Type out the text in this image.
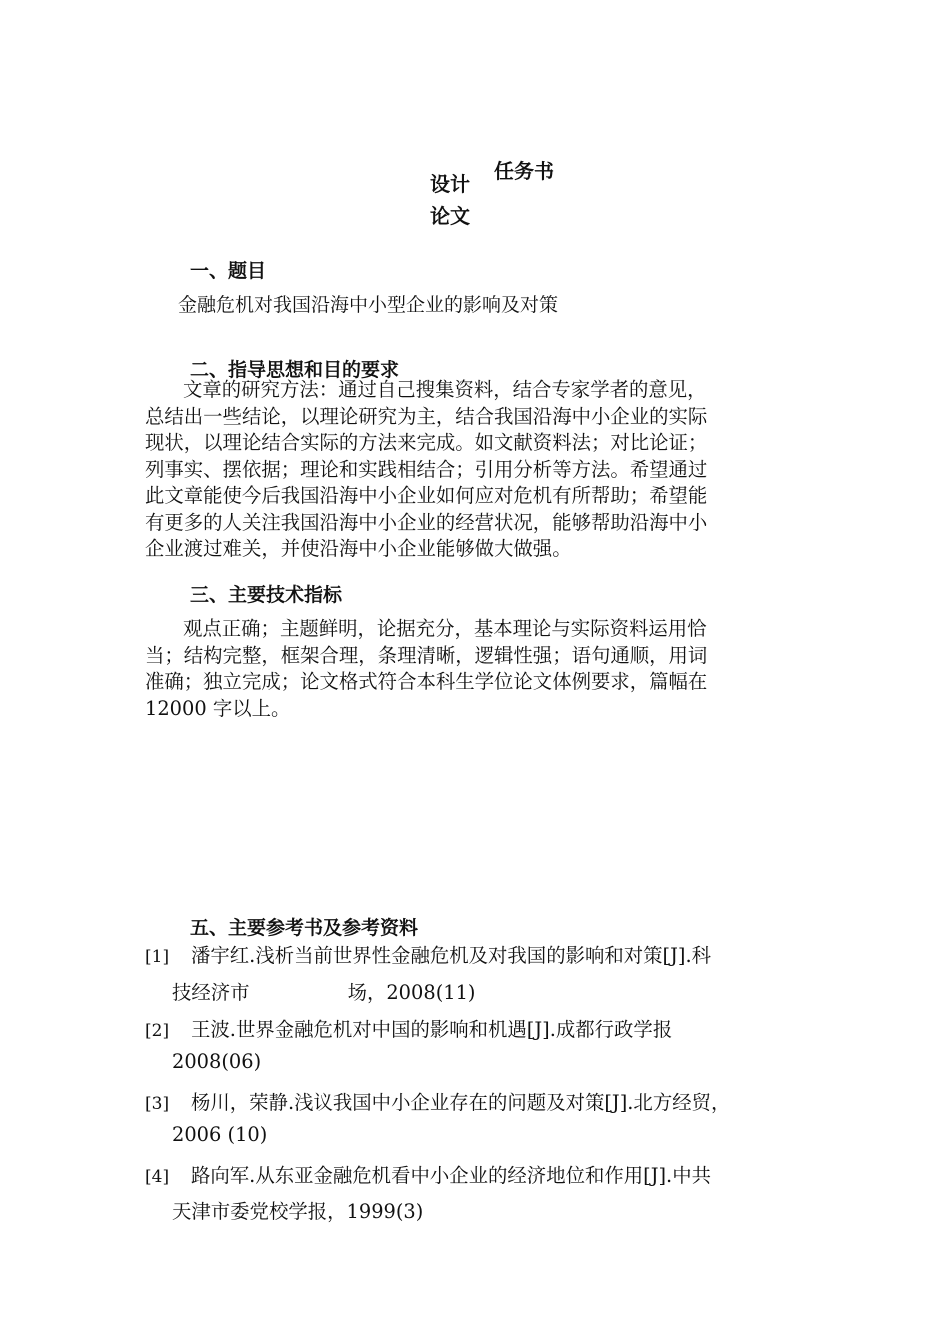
任务书
设计
论文
一、题目
金融危机对我国沿海中小型企业的影响及对策
二、指导思想和目的要求
文章的研究方法：通过自己搜集资料，结合专家学者的意见，
总结出一些结论，以理论研究为主，结合我国沿海中小企业的实际
现状，以理论结合实际的方法来完成。如文献资料法；对比论证；
列事实、摆依据；理论和实践相结合；引用分析等方法。希望通过
此文章能使今后我国沿海中小企业如何应对危机有所帮助；希望能
有更多的人关注我国沿海中小企业的经营状况，能够帮助沿海中小
企业渡过难关，并使沿海中小企业能够做大做强。
三、主要技术指标
观点正确；主题鲜明，论据充分，基本理论与实际资料运用恰
当；结构完整，框架合理，条理清晰，逻辑性强；语句通顺，用词
准确；独立完成；论文格式符合本科生学位论文体例要求，篇幅在
12000 字以上。
五、主要参考书及参考资料
[1] 潘宇红.浅析当前世界性金融危机及对我国的影响和对策[J].科
技经济市	场，2008(11)
[2] 王波.世界金融危机对中国的影响和机遇[J].成都行政学报
2008(06)
[3] 杨川，荣静.浅议我国中小企业存在的问题及对策[J].北方经贸，
2006 (10)
[4] 路向军.从东亚金融危机看中小企业的经济地位和作用[J].中共
天津市委党校学报，1999(3)
